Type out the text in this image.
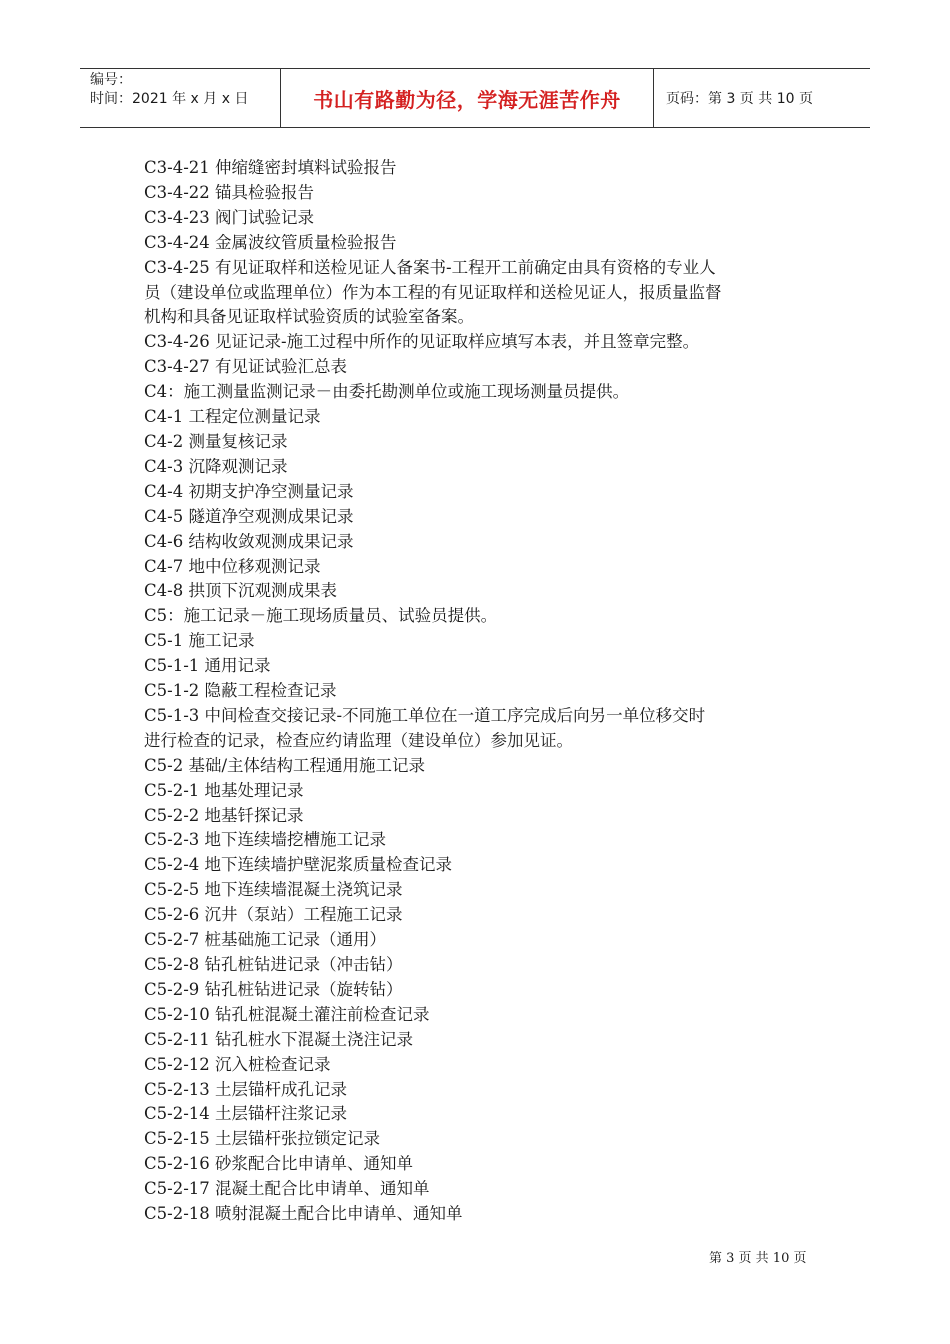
编号：
时间：2021 年 x 月 x 日	书山有路勤为径，学海无涯苦作舟	页码：第 3 页 共 10 页
C3-4-21 伸缩缝密封填料试验报告
C3-4-22 锚具检验报告
C3-4-23 阀门试验记录
C3-4-24 金属波纹管质量检验报告
C3-4-25 有见证取样和送检见证人备案书-工程开工前确定由具有资格的专业人
员（建设单位或监理单位）作为本工程的有见证取样和送检见证人，报质量监督
机构和具备见证取样试验资质的试验室备案。
C3-4-26 见证记录-施工过程中所作的见证取样应填写本表，并且签章完整。
C3-4-27 有见证试验汇总表
C4：施工测量监测记录－由委托勘测单位或施工现场测量员提供。
C4-1 工程定位测量记录
C4-2 测量复核记录
C4-3 沉降观测记录
C4-4 初期支护净空测量记录
C4-5 隧道净空观测成果记录
C4-6 结构收敛观测成果记录
C4-7 地中位移观测记录
C4-8 拱顶下沉观测成果表
C5：施工记录－施工现场质量员、试验员提供。
C5-1 施工记录
C5-1-1 通用记录
C5-1-2 隐蔽工程检查记录
C5-1-3 中间检查交接记录-不同施工单位在一道工序完成后向另一单位移交时
进行检查的记录，检查应约请监理（建设单位）参加见证。
C5-2 基础/主体结构工程通用施工记录
C5-2-1 地基处理记录
C5-2-2 地基钎探记录
C5-2-3 地下连续墙挖槽施工记录
C5-2-4 地下连续墙护壁泥浆质量检查记录
C5-2-5 地下连续墙混凝土浇筑记录
C5-2-6 沉井（泵站）工程施工记录
C5-2-7 桩基础施工记录（通用）
C5-2-8 钻孔桩钻进记录（冲击钻）
C5-2-9 钻孔桩钻进记录（旋转钻）
C5-2-10 钻孔桩混凝土灌注前检查记录
C5-2-11 钻孔桩水下混凝土浇注记录
C5-2-12 沉入桩检查记录
C5-2-13 土层锚杆成孔记录
C5-2-14 土层锚杆注浆记录
C5-2-15 土层锚杆张拉锁定记录
C5-2-16 砂浆配合比申请单、通知单
C5-2-17 混凝土配合比申请单、通知单
C5-2-18 喷射混凝土配合比申请单、通知单
第 3 页 共 10 页
